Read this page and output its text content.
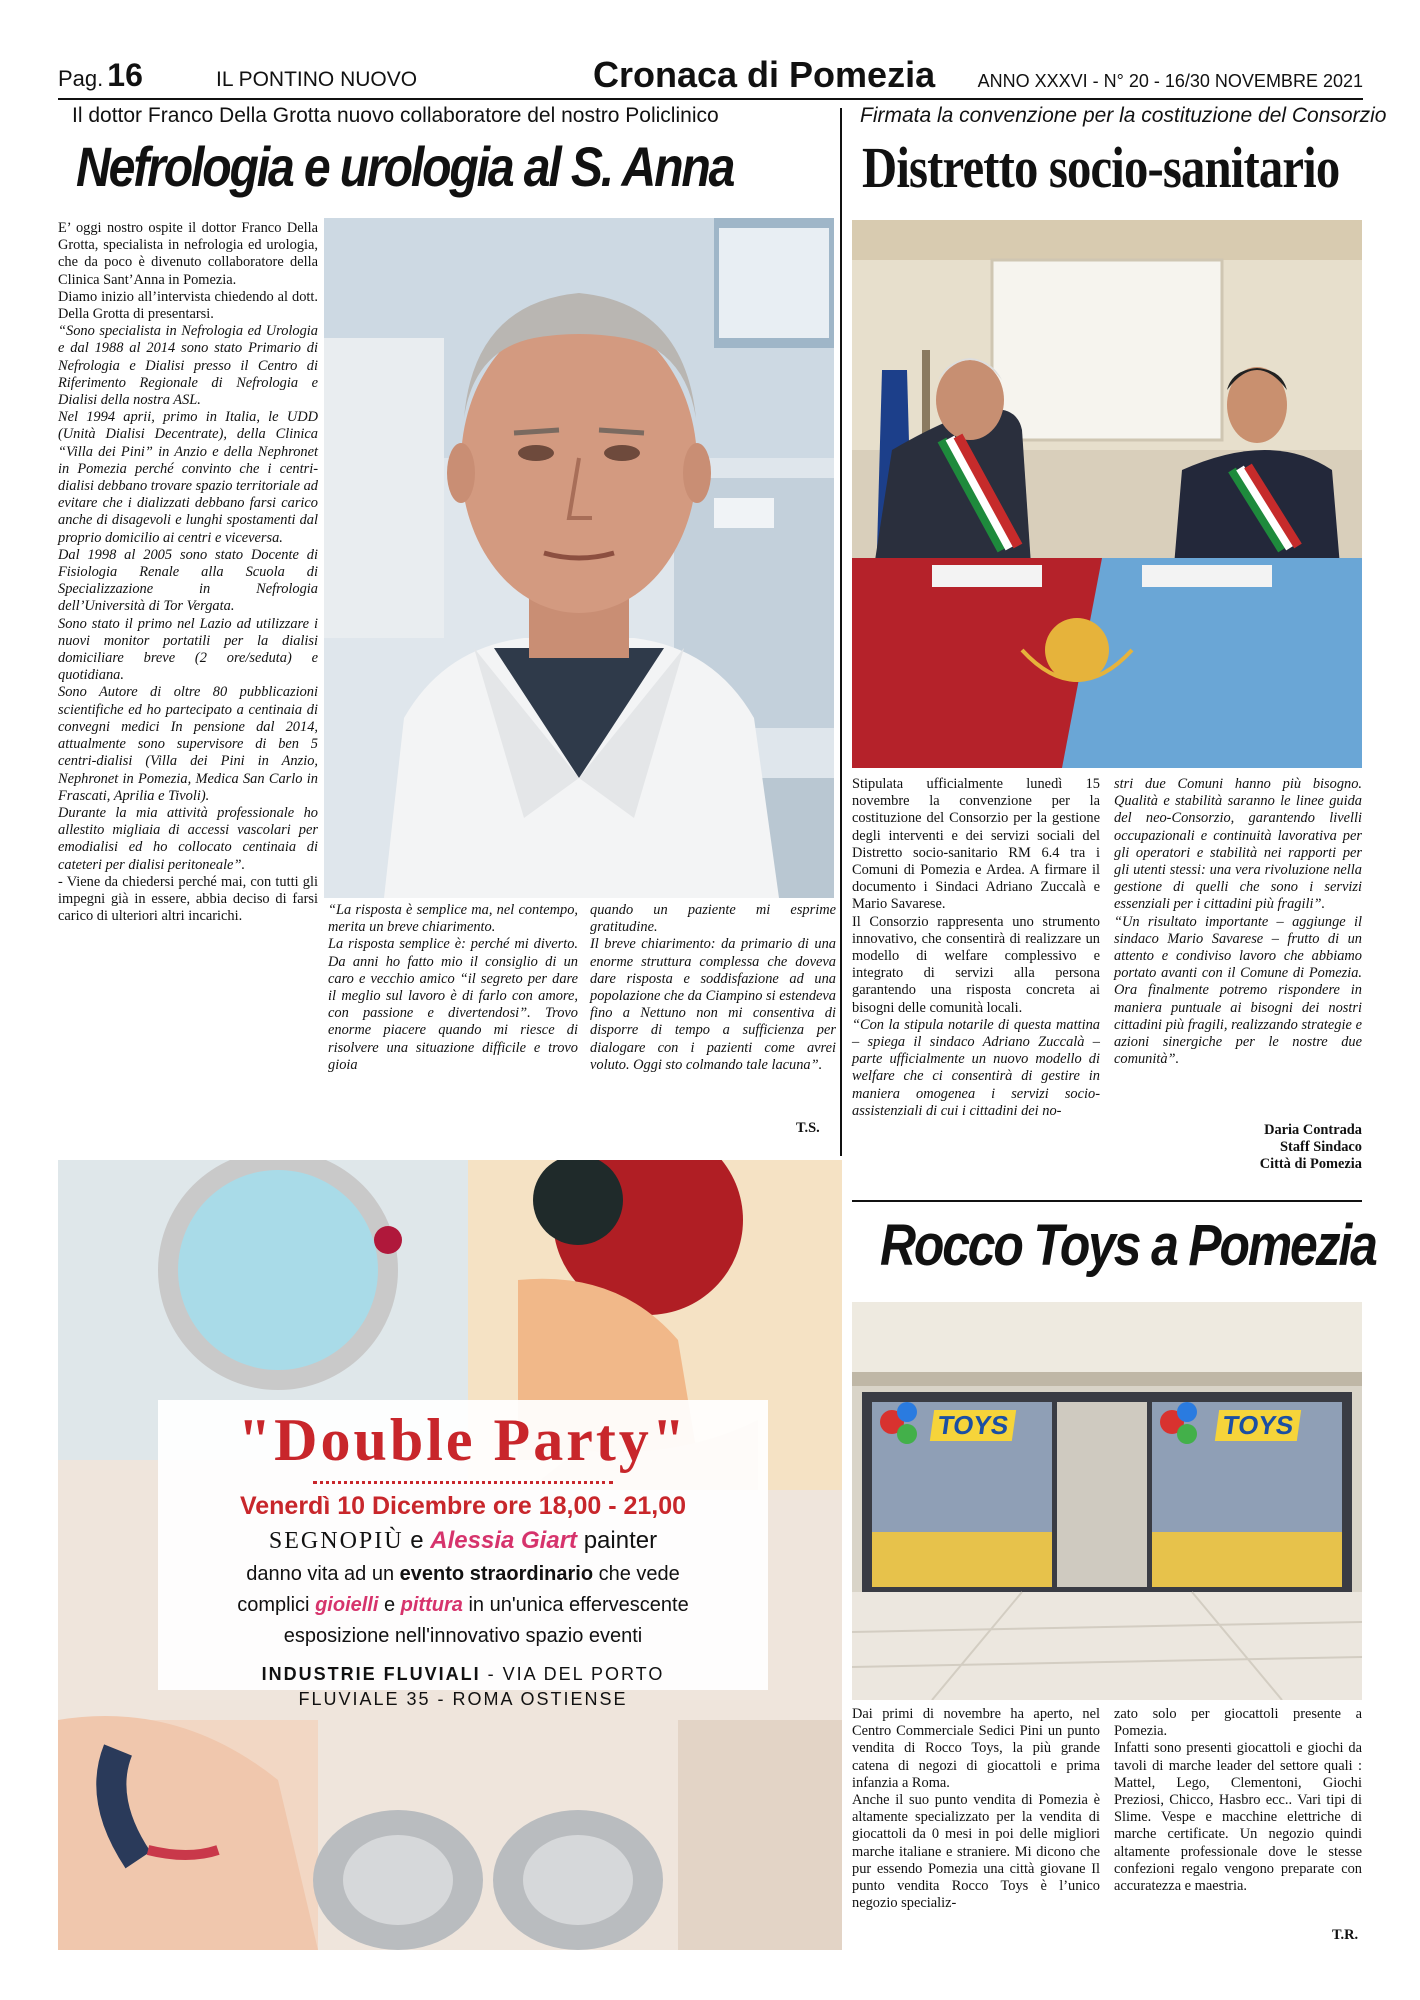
Pag. 16	IL PONTINO NUOVO	Cronaca di Pomezia ANNO XXXVI - N° 20 - 16/30 NOVEMBRE 2021
Il dottor Franco Della Grotta nuovo collaboratore del nostro Policlinico
Nefrologia e urologia al S. Anna

E’ oggi nostro ospite il dottor Franco Della Grotta, specialista in nefrologia ed urologia, che da poco è divenuto collaboratore della Clinica Sant’Anna in Pomezia.

Diamo inizio all’intervista chiedendo al dott. Della Grotta di presentarsi.

“Sono specialista in Nefrologia ed Urologia e dal 1988 al 2014 sono stato Primario di Nefrologia e Dialisi presso il Centro di Riferimento Regionale di Nefrologia e Dialisi della nostra ASL.

Nel 1994 aprii, primo in Italia, le UDD (Unità Dialisi Decentrate), della Clinica “Villa dei Pini” in Anzio e della Nephronet in Pomezia perché convinto che i centri-dialisi debbano trovare spazio territoriale ad evitare che i dializzati debbano farsi carico anche di disagevoli e lunghi spostamenti dal proprio domicilio ai centri e viceversa.

Dal 1998 al 2005 sono stato Docente di Fisiologia Renale alla Scuola di Specializzazione in Nefrologia dell’Università di Tor Vergata.

Sono stato il primo nel Lazio ad utilizzare i nuovi monitor portatili per la dialisi domiciliare breve (2 ore/seduta) e quotidiana.

Sono Autore di oltre 80 pubblicazioni scientifiche ed ho partecipato a centinaia di convegni medici In pensione dal 2014, attualmente sono supervisore di ben 5 centri-dialisi (Villa dei Pini in Anzio, Nephronet in Pomezia, Medica San Carlo in Frascati, Aprilia e Tivoli).

Durante la mia attività professionale ho allestito migliaia di accessi vascolari per emodialisi ed ho collocato centinaia di cateteri per dialisi peritoneale”.

- Viene da chiedersi perché mai, con tutti gli impegni già in essere, abbia deciso di farsi carico di ulteriori altri incarichi.	“La risposta è semplice ma, nel contempo, merita un breve chiarimento.

La risposta semplice è: perché mi diverto. Da anni ho fatto mio il consiglio di un caro e vecchio amico “il segreto per dare il meglio sul lavoro è di farlo con amore, con passione e divertendosi”. Trovo enorme piacere quando mi riesce di risolvere una situazione difficile e trovo gioia

quando un paziente mi esprime gratitudine.

Il breve chiarimento: da primario di una enorme struttura complessa che doveva dare risposta e soddisfazione ad una popolazione che da Ciampino si estendeva fino a Nettuno non mi consentiva di disporre di tempo a sufficienza per dialogare con i pazienti come avrei voluto. Oggi sto colmando tale lacuna”.

T.S.
Firmata la convenzione per la costituzione del Consorzio
Distretto socio-sanitario

Stipulata ufficialmente lunedì 15 novembre la convenzione per la costituzione del Consorzio per la gestione degli interventi e dei servizi sociali del Distretto socio-sanitario RM 6.4 tra i Comuni di Pomezia e Ardea. A firmare il documento i Sindaci Adriano Zuccalà e Mario Savarese.

Il Consorzio rappresenta uno strumento innovativo, che consentirà di realizzare un modello di welfare complessivo e integrato di servizi alla persona garantendo una risposta concreta ai bisogni delle comunità locali.

“Con la stipula notarile di questa mattina – spiega il sindaco Adriano Zuccalà – parte ufficialmente un nuovo modello di welfare che ci consentirà di gestire in maniera omogenea i servizi socio-assistenziali di cui i cittadini dei no-

stri due Comuni hanno più bisogno. Qualità e stabilità saranno le linee guida del neo-Consorzio, garantendo livelli occupazionali e continuità lavorativa per gli operatori e stabilità nei rapporti per gli utenti stessi: una vera rivoluzione nella gestione di quelli che sono i servizi essenziali per i cittadini più fragili”.

“Un risultato importante – aggiunge il sindaco Mario Savarese – frutto di un attento e condiviso lavoro che abbiamo portato avanti con il Comune di Pomezia. Ora finalmente potremo rispondere in maniera puntuale ai bisogni dei nostri cittadini più fragili, realizzando strategie e azioni sinergiche per le nostre due comunità”.

Daria Contrada
Staff Sindaco
Città di Pomezia
"Double Party"
Venerdì 10 Dicembre ore 18,00 - 21,00
SEGNOPIÙ e Alessia Giart painter
danno vita ad un evento straordinario che vede
complici gioielli e pittura in un'unica effervescente
esposizione nell'innovativo spazio eventi
INDUSTRIE FLUVIALI - VIA DEL PORTO
FLUVIALE 35 - ROMA OSTIENSE
Rocco Toys a Pomezia
TOYS	TOYS

Dai primi di novembre ha aperto, nel Centro Commerciale Sedici Pini un punto vendita di Rocco Toys, la più grande catena di negozi di giocattoli e prima infanzia a Roma.

Anche il suo punto vendita di Pomezia è altamente specializzato per la vendita di giocattoli da 0 mesi in poi delle migliori marche italiane e straniere. Mi dicono che pur essendo Pomezia una città giovane Il punto vendita Rocco Toys è l’unico negozio specializ-

zato solo per giocattoli presente a Pomezia.

Infatti sono presenti giocattoli e giochi da tavoli di marche leader del settore quali : Mattel, Lego, Clementoni, Giochi Preziosi, Chicco, Hasbro ecc.. Vari tipi di Slime. Vespe e macchine elettriche di marche certificate. Un negozio quindi altamente professionale dove le stesse confezioni regalo vengono preparate con accuratezza e maestria.

T.R.
